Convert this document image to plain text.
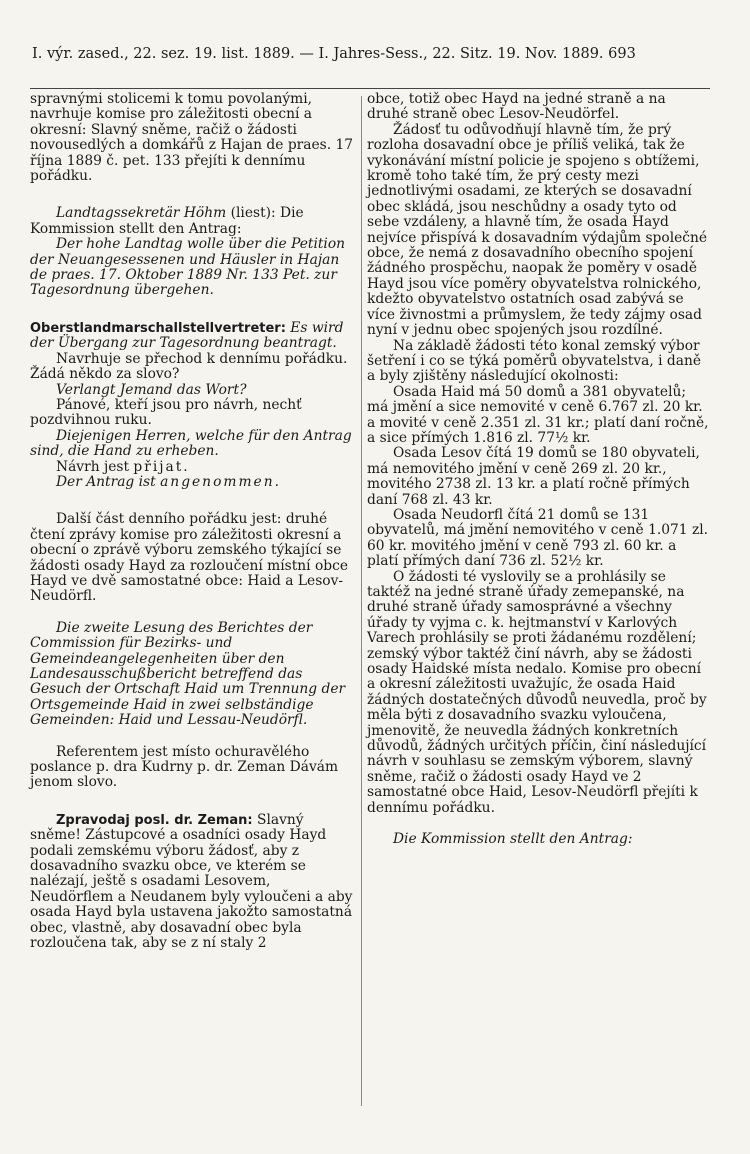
I. výr. zased., 22. sez. 19. list. 1889. — I. Jahres-Sess., 22. Sitz. 19. Nov. 1889. 693

spravnými stolicemi k tomu povolanými, navrhuje komise pro záležitosti obecní a okresní: Slavný sněme, račiž o žádosti novousedlých a domkářů z Hajan de praes. 17 října 1889 č. pet. 133 přejíti k dennímu pořádku.

Landtagssekretär Höhm (liest): Die Kommission stellt den Antrag:

Der hohe Landtag wolle über die Petition der Neuangesessenen und Häusler in Hajan de praes. 17. Oktober 1889 Nr. 133 Pet. zur Tagesordnung übergehen.

Oberstlandmarschallstellvertreter: Es wird der Übergang zur Tagesordnung beantragt.

Navrhuje se přechod k dennímu pořádku. Žádá někdo za slovo?

Verlangt Jemand das Wort?

Pánové, kteří jsou pro návrh, nechť pozdvihnou ruku.

Diejenigen Herren, welche für den Antrag sind, die Hand zu erheben.

Návrh jest přijat.

Der Antrag ist angenommen.

Další část denního pořádku jest: druhé čtení zprávy komise pro záležitosti okresní a obecní o zprávě výboru zemského týkající se žádosti osady Hayd za rozloučení místní obce Hayd ve dvě samostatné obce: Haid a Lesov-Neudörfl.

Die zweite Lesung des Berichtes der Commission für Bezirks- und Gemeindeangelegenheiten über den Landesausschußbericht betreffend das Gesuch der Ortschaft Haid um Trennung der Ortsgemeinde Haid in zwei selbständige Gemeinden: Haid und Lessau-Neudörfl.

Referentem jest místo ochuravělého poslance p. dra Kudrny p. dr. Zeman Dávám jenom slovo.

Zpravodaj posl. dr. Zeman: Slavný sněme! Zástupcové a osadníci osady Hayd podali zemskému výboru žádosť, aby z dosavadního svazku obce, ve kterém se nalézají, ještě s osadami Lesovem, Neudörflem a Neudanem byly vyloučeni a aby osada Hayd byla ustavena jakožto samostatná obec, vlastně, aby dosavadní obec byla rozloučena tak, aby se z ní staly 2

obce, totiž obec Hayd na jedné straně a na druhé straně obec Lesov-Neudörfel.

Žádosť tu odůvodňují hlavně tím, že prý rozloha dosavadní obce je příliš veliká, tak že vykonávání místní policie je spojeno s obtížemi, kromě toho také tím, že prý cesty mezi jednotlivými osadami, ze kterých se dosavadní obec skládá, jsou neschůdny a osady tyto od sebe vzdáleny, a hlavně tím, že osada Hayd nejvíce přispívá k dosavadním výdajům společné obce, že nemá z dosavadního obecního spojení žádného prospěchu, naopak že poměry v osadě Hayd jsou více poměry obyvatelstva rolnického, kdežto obyvatelstvo ostatních osad zabývá se více živnostmi a průmyslem, že tedy zájmy osad nyní v jednu obec spojených jsou rozdílné.

Na základě žádosti této konal zemský výbor šetření i co se týká poměrů obyvatelstva, i daně a byly zjištěny následující okolnosti:

Osada Haid má 50 domů a 381 obyvatelů; má jmění a sice nemovité v ceně 6.767 zl. 20 kr. a movité v ceně 2.351 zl. 31 kr.; platí daní ročně, a sice přímých 1.816 zl. 77½ kr.

Osada Lesov čítá 19 domů se 180 obyvateli, má nemovitého jmění v ceně 269 zl. 20 kr., movitého 2738 zl. 13 kr. a platí ročně přímých daní 768 zl. 43 kr.

Osada Neudorfl čítá 21 domů se 131 obyvatelů, má jmění nemovitého v ceně 1.071 zl. 60 kr. movitého jmění v ceně 793 zl. 60 kr. a platí přímých daní 736 zl. 52½ kr.

O žádosti té vyslovily se a prohlásily se taktéž na jedné straně úřady zemepanské, na druhé straně úřady samosprávné a všechny úřady ty vyjma c. k. hejtmanství v Karlových Varech prohlásily se proti žádanému rozdělení; zemský výbor taktéž činí návrh, aby se žádosti osady Haidské místa nedalo. Komise pro obecní a okresní záležitosti uvažujíc, že osada Haid žádných dostatečných důvodů neuvedla, proč by měla býti z dosavadního svazku vyloučena, jmenovitě, že neuvedla žádných konkretních důvodů, žádných určitých příčin, činí následující návrh v souhlasu se zemským výborem, slavný sněme, račiž o žádosti osady Hayd ve 2 samostatné obce Haid, Lesov-Neudörfl přejíti k dennímu pořádku.

Die Kommission stellt den Antrag:
